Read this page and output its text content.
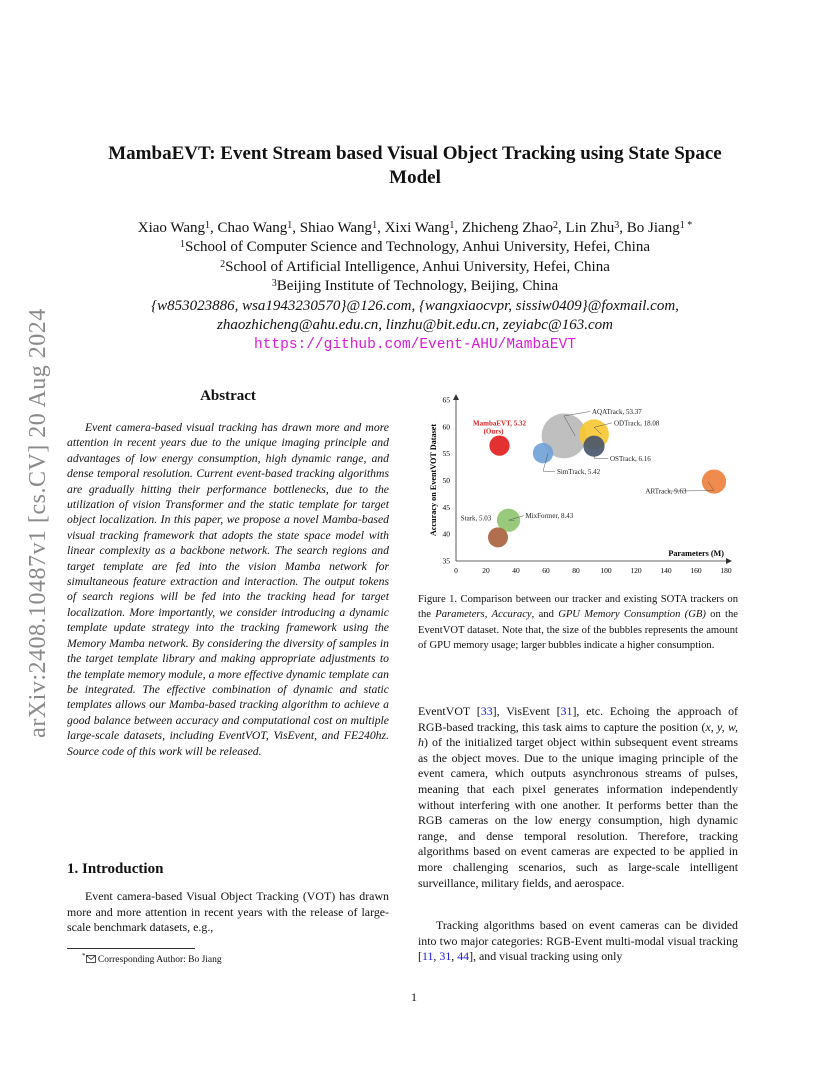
arXiv:2408.10487v1 [cs.CV] 20 Aug 2024
MambaEVT: Event Stream based Visual Object Tracking using State Space
Model
Xiao Wang$^1$, Chao Wang$^1$, Shiao Wang$^1$, Xixi Wang$^1$, Zhicheng Zhao$^2$, Lin Zhu$^3$, Bo Jiang$^{1 *}$
$^1$School of Computer Science and Technology, Anhui University, Hefei, China
$^2$School of Artificial Intelligence, Anhui University, Hefei, China
$^3$Beijing Institute of Technology, Beijing, China
{w853023886, wsa1943230570}@126.com, {wangxiaocvpr, sissiw0409}@foxmail.com,
zhaozhicheng@ahu.edu.cn, linzhu@bit.edu.cn, zeyiabc@163.com
https://github.com/Event-AHU/MambaEVT
Abstract
Event camera-based visual tracking has drawn more and more attention in recent years due to the unique imaging principle and advantages of low energy consumption, high dynamic range, and dense temporal resolution. Current event-based tracking algorithms are gradually hitting their performance bottlenecks, due to the utilization of vision Transformer and the static template for target object localization. In this paper, we propose a novel Mamba-based visual tracking framework that adopts the state space model with linear complexity as a backbone network. The search regions and target template are fed into the vision Mamba network for simultaneous feature extraction and interaction. The output tokens of search regions will be fed into the tracking head for target localization. More importantly, we consider introducing a dynamic template update strategy into the tracking framework using the Memory Mamba network. By considering the diversity of samples in the target template library and making appropriate adjustments to the template memory module, a more effective dynamic template can be integrated. The effective combination of dynamic and static templates allows our Mamba-based tracking algorithm to achieve a good balance between accuracy and computational cost on multiple large-scale datasets, including EventVOT, VisEvent, and FE240hz. Source code of this work will be released.
1. Introduction
Event camera-based Visual Object Tracking (VOT) has drawn more and more attention in recent years with the release of large-scale benchmark datasets, e.g.,
* Corresponding Author: Bo Jiang
0	20	40	60	80	100	120	140	160	180
35
40
45
50
55
60
65
Accuracy on EventVOT Dataset
Parameters (M)
MambaEVT, 5.32
(Ours)
AQATrack, 53.37
ODTrack, 18.08
OSTrack, 6.16
SimTrack, 5.42
ARTrack, 9.63
MixFormer, 8.43
Stark, 5.03
Figure 1. Comparison between our tracker and existing SOTA trackers on the Parameters, Accuracy, and GPU Memory Consumption (GB) on the EventVOT dataset. Note that, the size of the bubbles represents the amount of GPU memory usage; larger bubbles indicate a higher consumption.
EventVOT [33], VisEvent [31], etc. Echoing the approach of RGB-based tracking, this task aims to capture the position (x, y, w, h) of the initialized target object within subsequent event streams as the object moves. Due to the unique imaging principle of the event camera, which outputs asynchronous streams of pulses, meaning that each pixel generates information independently without interfering with one another. It performs better than the RGB cameras on the low energy consumption, high dynamic range, and dense temporal resolution. Therefore, tracking algorithms based on event cameras are expected to be applied in more challenging scenarios, such as large-scale intelligent surveillance, military fields, and aerospace.
Tracking algorithms based on event cameras can be divided into two major categories: RGB-Event multi-modal visual tracking [11, 31, 44], and visual tracking using only
1
